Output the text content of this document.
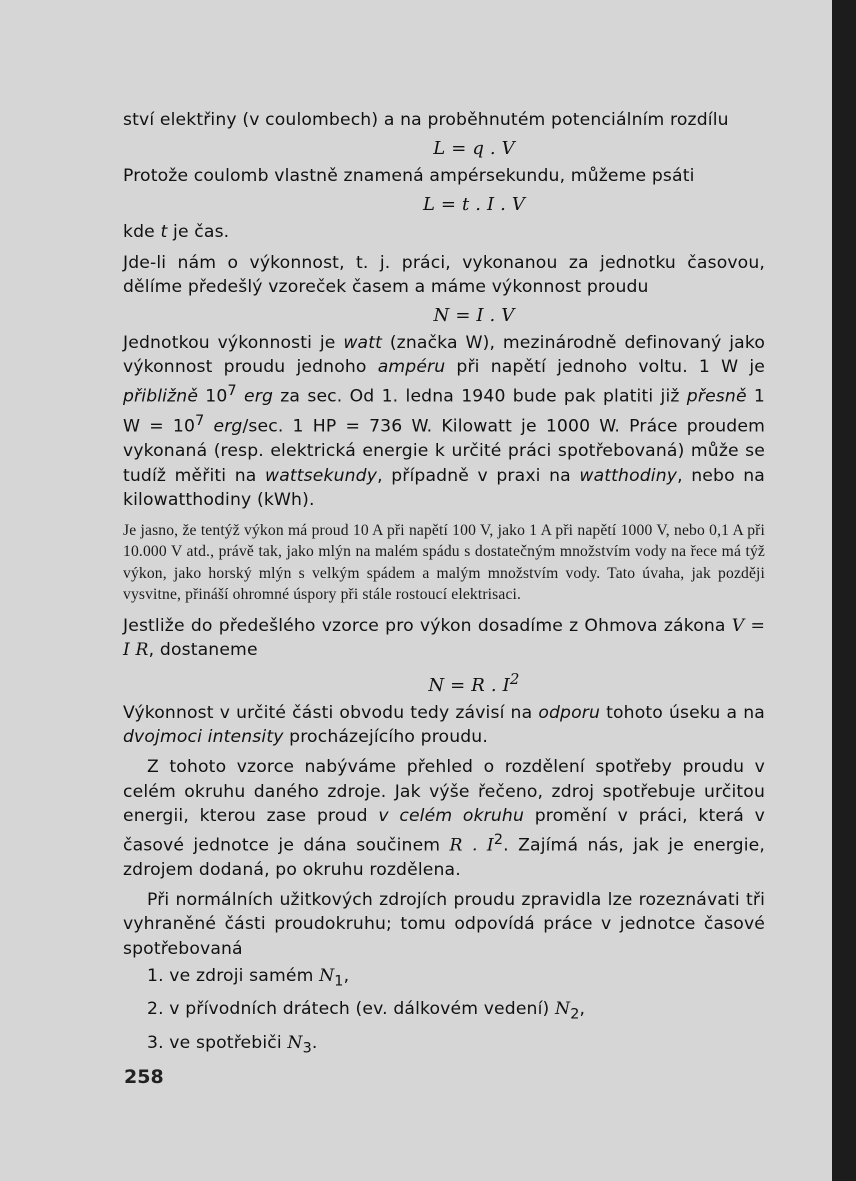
ství elektřiny (v coulombech) a na proběhnutém potenciálním rozdílu

L = q . V

Protože coulomb vlastně znamená ampérsekundu, můžeme psáti

L = t . I . V

kde t je čas.

Jde-li nám o výkonnost, t. j. práci, vykonanou za jednotku časovou, dělíme předešlý vzoreček časem a máme výkonnost proudu

N = I . V

Jednotkou výkonnosti je watt (značka W), mezinárodně definovaný jako výkonnost proudu jednoho ampéru při napětí jednoho voltu. 1 W je přibližně $10^7$ erg za sec. Od 1. ledna 1940 bude pak platiti již přesně 1 $W = 10^7$ erg/sec. 1 HP = 736 W. Kilowatt je 1000 W. Práce proudem vykonaná (resp. elektrická energie k určité práci spotřebovaná) může se tudíž měřiti na wattsekundy, případně v praxi na watthodiny, nebo na kilowatthodiny (kWh).

Je jasno, že tentýž výkon má proud 10 A při napětí 100 V, jako 1 A při napětí 1000 V, nebo 0,1 A při 10.000 V atd., právě tak, jako mlýn na malém spádu s dostatečným množstvím vody na řece má týž výkon, jako horský mlýn s velkým spádem a malým množstvím vody. Tato úvaha, jak později vysvitne, přináší ohromné úspory při stále rostoucí elektrisaci.

Jestliže do předešlého vzorce pro výkon dosadíme z Ohmova zákona V = I R, dostaneme

N = R . $I^2$

Výkonnost v určité části obvodu tedy závisí na odporu tohoto úseku a na dvojmoci intensity procházejícího proudu.

Z tohoto vzorce nabýváme přehled o rozdělení spotřeby proudu v celém okruhu daného zdroje. Jak výše řečeno, zdroj spotřebuje určitou energii, kterou zase proud v celém okruhu promění v práci, která v časové jednotce je dána součinem R . $I^2$. Zajímá nás, jak je energie, zdrojem dodaná, po okruhu rozdělena.

Při normálních užitkových zdrojích proudu zpravidla lze rozeznávati tři vyhraněné části proudokruhu; tomu odpovídá práce v jednotce časové spotřebovaná

1. ve zdroji samém $N_1$,

2. v přívodních drátech (ev. dálkovém vedení) $N_2$,

3. ve spotřebiči $N_3$.

258
